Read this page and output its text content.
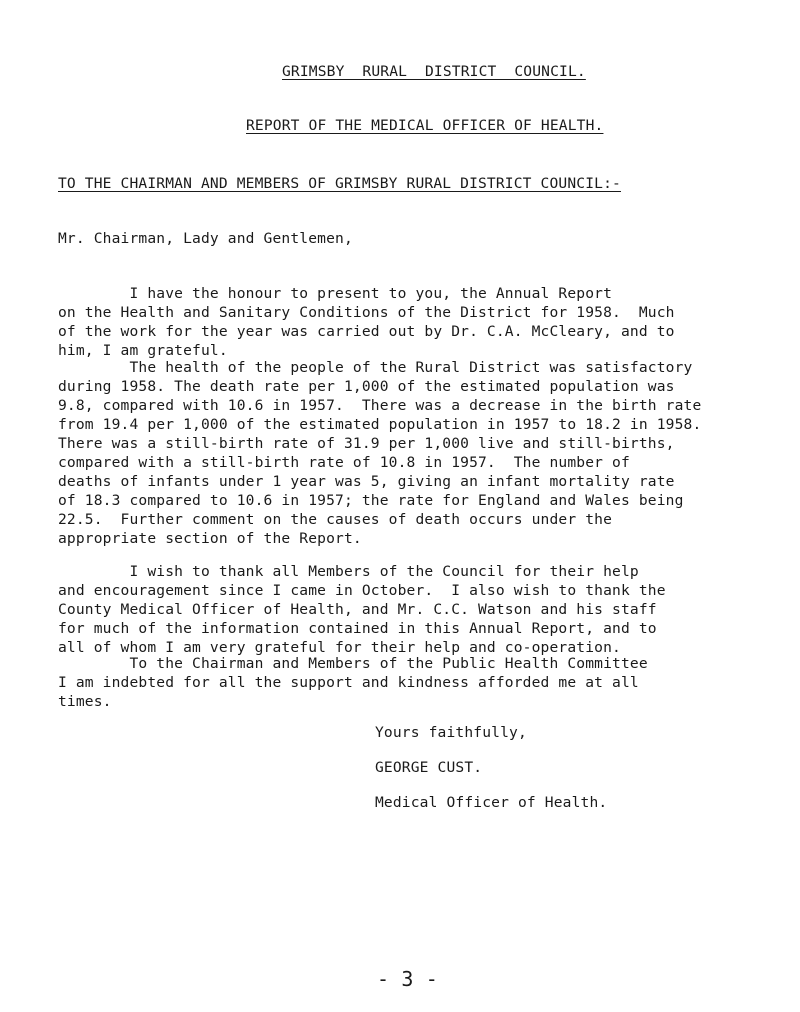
GRIMSBY  RURAL  DISTRICT  COUNCIL.
REPORT OF THE MEDICAL OFFICER OF HEALTH.
TO THE CHAIRMAN AND MEMBERS OF GRIMSBY RURAL DISTRICT COUNCIL:-
Mr. Chairman, Lady and Gentlemen,
I have the honour to present to you, the Annual Report
on the Health and Sanitary Conditions of the District for 1958.  Much
of the work for the year was carried out by Dr. C.A. McCleary, and to
him, I am grateful.
The health of the people of the Rural District was satisfactory
during 1958. The death rate per 1,000 of the estimated population was
9.8, compared with 10.6 in 1957.  There was a decrease in the birth rate
from 19.4 per 1,000 of the estimated population in 1957 to 18.2 in 1958.
There was a still-birth rate of 31.9 per 1,000 live and still-births,
compared with a still-birth rate of 10.8 in 1957.  The number of
deaths of infants under 1 year was 5, giving an infant mortality rate
of 18.3 compared to 10.6 in 1957; the rate for England and Wales being
22.5.  Further comment on the causes of death occurs under the
appropriate section of the Report.
I wish to thank all Members of the Council for their help
and encouragement since I came in October.  I also wish to thank the
County Medical Officer of Health, and Mr. C.C. Watson and his staff
for much of the information contained in this Annual Report, and to
all of whom I am very grateful for their help and co-operation.
To the Chairman and Members of the Public Health Committee
I am indebted for all the support and kindness afforded me at all
times.
Yours faithfully,
GEORGE CUST.
Medical Officer of Health.
- 3 -
